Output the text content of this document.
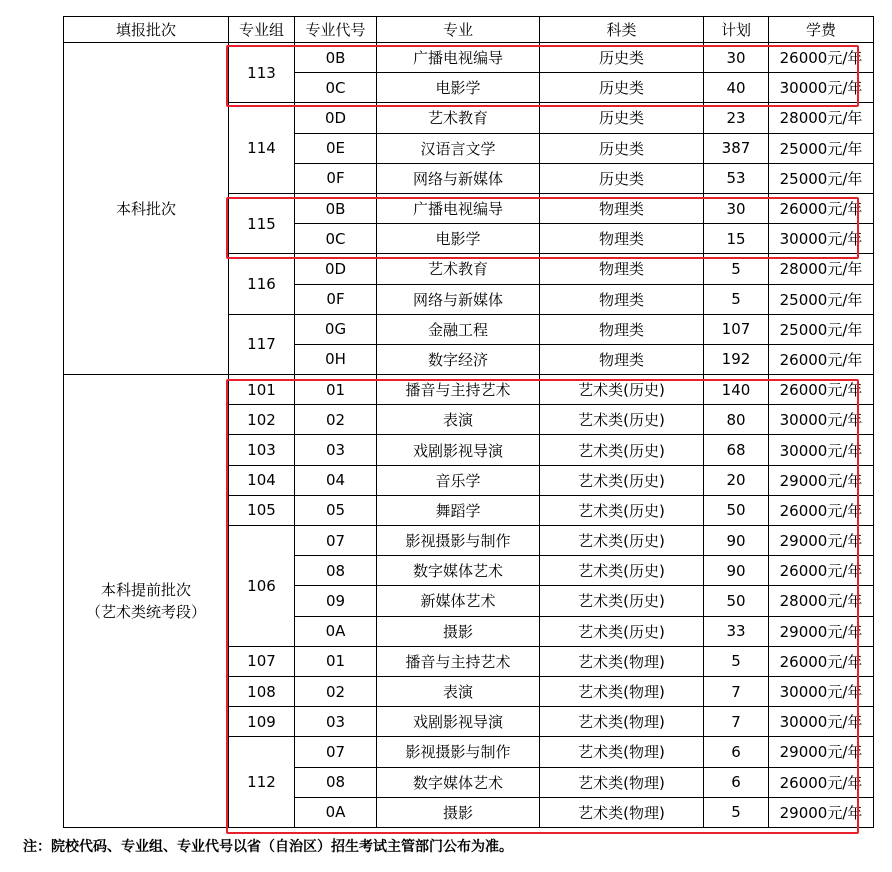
填报批次	专业组	专业代号	专业	科类	计划	学费
本科批次	113	0B	广播电视编导	历史类	30	26000元/年
		0C	电影学	历史类	40	30000元/年
	114	0D	艺术教育	历史类	23	28000元/年
		0E	汉语言文学	历史类	387	25000元/年
		0F	网络与新媒体	历史类	53	25000元/年
	115	0B	广播电视编导	物理类	30	26000元/年
		0C	电影学	物理类	15	30000元/年
	116	0D	艺术教育	物理类	5	28000元/年
		0F	网络与新媒体	物理类	5	25000元/年
	117	0G	金融工程	物理类	107	25000元/年
		0H	数字经济	物理类	192	26000元/年
本科提前批次
（艺术类统考段）	101	01	播音与主持艺术	艺术类(历史)	140	26000元/年
	102	02	表演	艺术类(历史)	80	30000元/年
	103	03	戏剧影视导演	艺术类(历史)	68	30000元/年
	104	04	音乐学	艺术类(历史)	20	29000元/年
	105	05	舞蹈学	艺术类(历史)	50	26000元/年
	106	07	影视摄影与制作	艺术类(历史)	90	29000元/年
		08	数字媒体艺术	艺术类(历史)	90	26000元/年
		09	新媒体艺术	艺术类(历史)	50	28000元/年
		0A	摄影	艺术类(历史)	33	29000元/年
	107	01	播音与主持艺术	艺术类(物理)	5	26000元/年
	108	02	表演	艺术类(物理)	7	30000元/年
	109	03	戏剧影视导演	艺术类(物理)	7	30000元/年
	112	07	影视摄影与制作	艺术类(物理)	6	29000元/年
		08	数字媒体艺术	艺术类(物理)	6	26000元/年
		0A	摄影	艺术类(物理)	5	29000元/年
注：院校代码、专业组、专业代号以省（自治区）招生考试主管部门公布为准。
